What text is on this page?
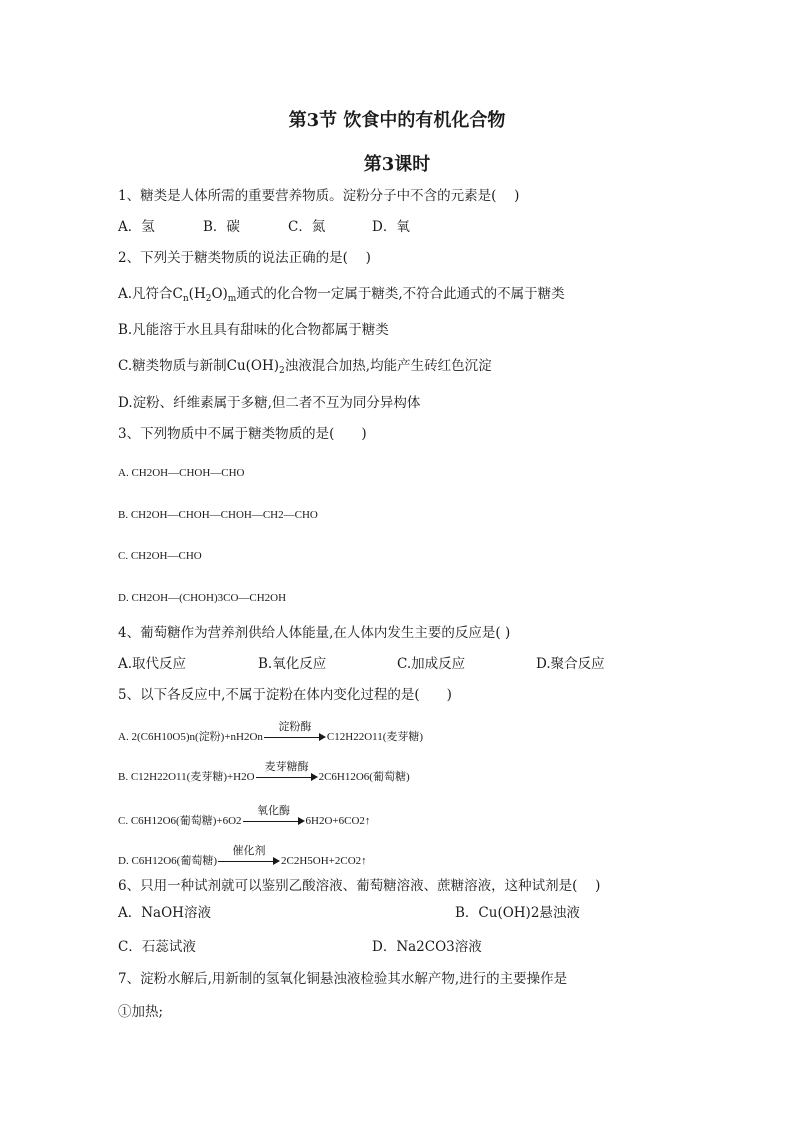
第3节 饮食中的有机化合物
第3课时
1、糖类是人体所需的重要营养物质。淀粉分子中不含的元素是(　 )
A．氢	B．碳	C．氮	D．氧
2、下列关于糖类物质的说法正确的是(　 )
A.凡符合$C_n(H_2O)_m$通式的化合物一定属于糖类,不符合此通式的不属于糖类
B.凡能溶于水且具有甜味的化合物都属于糖类
C.糖类物质与新制$Cu(OH)_2$浊液混合加热,均能产生砖红色沉淀
D.淀粉、纤维素属于多糖,但二者不互为同分异构体
3、下列物质中不属于糖类物质的是(　　)
A. CH2OH—CHOH—CHO
B. CH2OH—CHOH—CHOH—CH2—CHO
C. CH2OH—CHO
D. CH2OH—(CHOH)3CO—CH2OH
4、葡萄糖作为营养剂供给人体能量,在人体内发生主要的反应是( )
A.取代反应	B.氧化反应	C.加成反应	D.聚合反应
5、以下各反应中,不属于淀粉在体内变化过程的是(　　)
A. 2(C6H10O5)n(淀粉)+nH2On
淀粉酶
C12H22O11(麦芽糖)
B. C12H22O11(麦芽糖)+H2O
麦芽糖酶
2C6H12O6(葡萄糖)
C. C6H12O6(葡萄糖)+6O2
氧化酶
6H2O+6CO2↑
D. C6H12O6(葡萄糖)
催化剂
2C2H5OH+2CO2↑
6、只用一种试剂就可以鉴别乙酸溶液、葡萄糖溶液、蔗糖溶液，这种试剂是(　 )
A．NaOH溶液	B．Cu(OH)2悬浊液
C．石蕊试液	D．Na2CO3溶液
7、淀粉水解后,用新制的氢氧化铜悬浊液检验其水解产物,进行的主要操作是
①加热;
